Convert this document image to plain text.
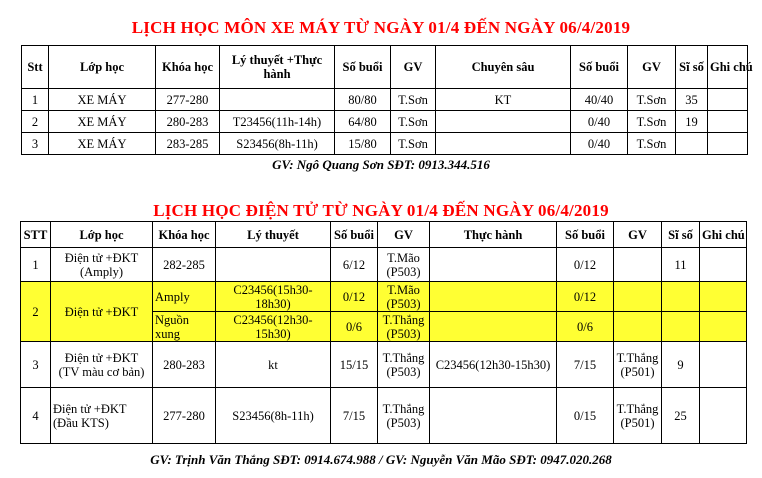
LỊCH HỌC MÔN XE MÁY TỪ NGÀY 01/4 ĐẾN NGÀY 06/4/2019
Stt	Lớp học	Khóa học	Lý thuyết +Thực hành	Số buổi	GV	Chuyên sâu	Số buổi	GV	Sĩ số	Ghi chú
1	XE MÁY	277-280		80/80	T.Sơn	KT	40/40	T.Sơn	35	
2	XE MÁY	280-283	T23456(11h-14h)	64/80	T.Sơn		0/40	T.Sơn	19	
3	XE MÁY	283-285	S23456(8h-11h)	15/80	T.Sơn		0/40	T.Sơn		
GV: Ngô Quang Sơn SĐT: 0913.344.516
LỊCH HỌC ĐIỆN TỬ TỪ NGÀY 01/4 ĐẾN NGÀY 06/4/2019
STT	Lớp học	Khóa học	Lý thuyết	Số buổi	GV	Thực hành	Số buổi	GV	Sĩ số	Ghi chú
1	Điện tử +ĐKT (Amply)	282-285		6/12	T.Mão (P503)		0/12		11	
2	Điện tử +ĐKT	Amply	C23456(15h30-18h30)	0/12	T.Mão (P503)		0/12			
		Nguồn xung	C23456(12h30-15h30)	0/6	T.Thắng (P503)		0/6			
3	Điện tử +ĐKT (TV màu cơ bản)	280-283	kt	15/15	T.Thắng (P503)	C23456(12h30-15h30)	7/15	T.Thắng (P501)	9	
4	Điện tử +ĐKT (Đầu KTS)	277-280	S23456(8h-11h)	7/15	T.Thắng (P503)		0/15	T.Thắng (P501)	25	
GV: Trịnh Văn Thắng SĐT: 0914.674.988 / GV: Nguyễn Văn Mão SĐT: 0947.020.268
